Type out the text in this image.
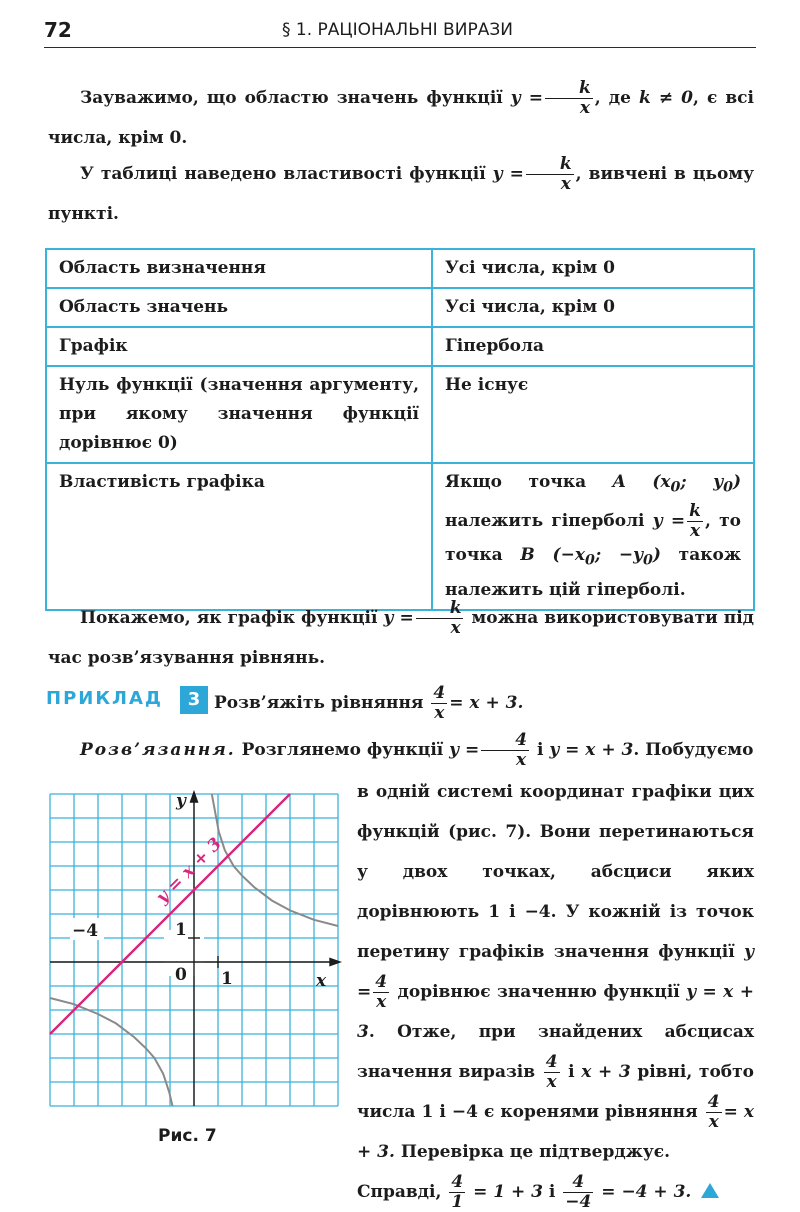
72	§ 1. РАЦІОНАЛЬНІ ВИРАЗИ
Зауважимо, що областю значень функції $y = \frac{k}{x}$ , де k ≠ 0, є всі числа, крім 0.
У таблиці наведено властивості функції $y = \frac{k}{x}$ , вивчені в цьому пункті.
Область визначення	Усі числа, крім 0
Область значень	Усі числа, крім 0
Графік	Гіпербола
Нуль функції (значення аргументу, при якому значення функції дорівнює 0)	Не існує
Властивість графіка	Якщо точка A ($x_0$; $y_0$) належить гіперболі $y = \frac{k}{x}$ , то точка B ($-x_0$; $-y_0$) також належить цій гіперболі.
Покажемо, як графік функції $y = \frac{k}{x}$ можна використовувати під час розв’язування рівнянь.
ПРИКЛАД	3 Розв’яжіть рівняння $\frac{4}{x} = x + 3$.
Розв’язання. Розглянемо функції $y = \frac{4}{x}$ і y = x + 3. Побудуємо
y = x + 3
y
x
0 1
1
−4
Рис. 7
в одній системі координат графіки цих функцій (рис. 7). Вони перетинаються у двох точках, абсциси яких дорівнюють 1 і −4. У кожній із точок перетину графіків значення функції $y = \frac{4}{x}$ дорівнює значенню функції y = x + 3. Отже, при знайдених абсцисах значення виразів $\frac{4}{x}$ і x + 3 рівні, тобто числа 1 і −4 є коренями рівняння $\frac{4}{x} = x + 3$. Перевірка це підтверджує.
Справді, $\frac{4}{1} = 1 + 3$ і $\frac{4}{-4} = -4 + 3$.
